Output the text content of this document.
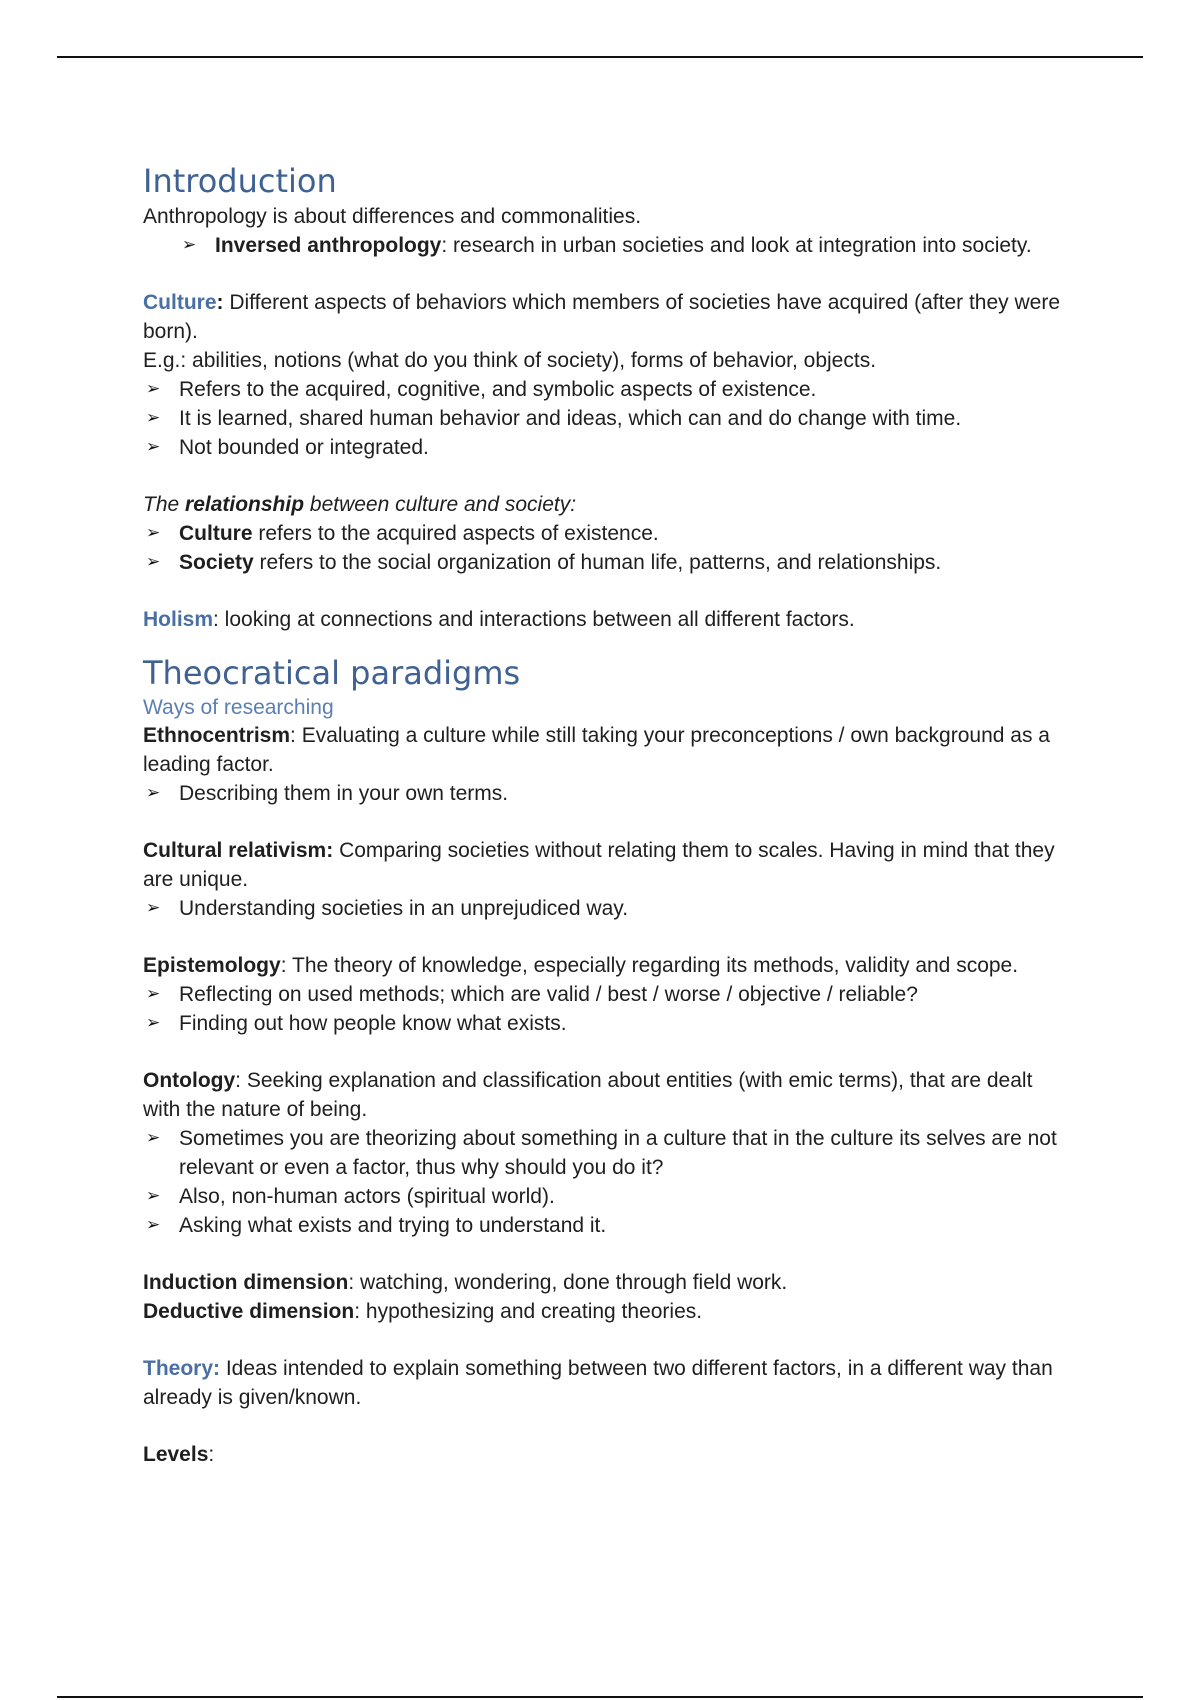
Introduction

Anthropology is about differences and commonalities.

➢ Inversed anthropology: research in urban societies and look at integration into society.

Culture: Different aspects of behaviors which members of societies have acquired (after they were born).

E.g.: abilities, notions (what do you think of society), forms of behavior, objects.

➢ Refers to the acquired, cognitive, and symbolic aspects of existence.
➢ It is learned, shared human behavior and ideas, which can and do change with time.
➢ Not bounded or integrated.

The relationship between culture and society:

➢ Culture refers to the acquired aspects of existence.
➢ Society refers to the social organization of human life, patterns, and relationships.

Holism: looking at connections and interactions between all different factors.

Theocratical paradigms

Ways of researching

Ethnocentrism: Evaluating a culture while still taking your preconceptions / own background as a leading factor.

➢ Describing them in your own terms.

Cultural relativism: Comparing societies without relating them to scales. Having in mind that they are unique.

➢ Understanding societies in an unprejudiced way.

Epistemology: The theory of knowledge, especially regarding its methods, validity and scope.

➢ Reflecting on used methods; which are valid / best / worse / objective / reliable?
➢ Finding out how people know what exists.

Ontology: Seeking explanation and classification about entities (with emic terms), that are dealt with the nature of being.

➢ Sometimes you are theorizing about something in a culture that in the culture its selves are not relevant or even a factor, thus why should you do it?
➢ Also, non-human actors (spiritual world).
➢ Asking what exists and trying to understand it.

Induction dimension: watching, wondering, done through field work.

Deductive dimension: hypothesizing and creating theories.

Theory: Ideas intended to explain something between two different factors, in a different way than already is given/known.

Levels:
